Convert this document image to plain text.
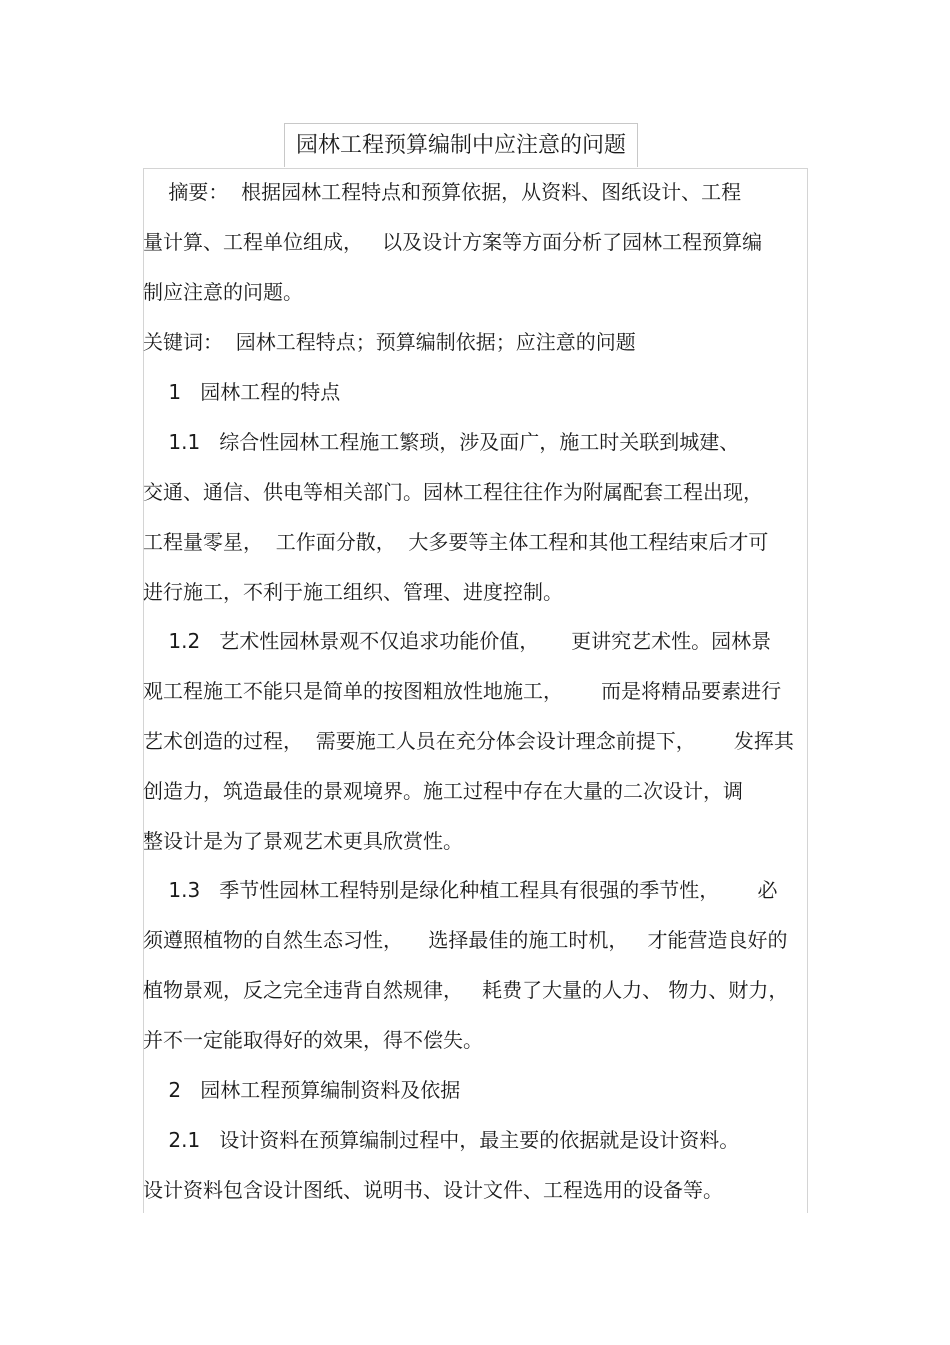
园林工程预算编制中应注意的问题
摘要：  根据园林工程特点和预算依据，从资料、图纸设计、工程
量计算、工程单位组成，   以及设计方案等方面分析了园林工程预算编
制应注意的问题。
关键词：  园林工程特点；预算编制依据；应注意的问题
1   园林工程的特点
1.1   综合性园林工程施工繁琐，涉及面广，施工时关联到城建、
交通、通信、供电等相关部门。园林工程往往作为附属配套工程出现，
工程量零星，  工作面分散，  大多要等主体工程和其他工程结束后才可
进行施工，不利于施工组织、管理、进度控制。
1.2   艺术性园林景观不仅追求功能价值，     更讲究艺术性。园林景
观工程施工不能只是简单的按图粗放性地施工，      而是将精品要素进行
艺术创造的过程，  需要施工人员在充分体会设计理念前提下，      发挥其
创造力，筑造最佳的景观境界。施工过程中存在大量的二次设计，调
整设计是为了景观艺术更具欣赏性。
1.3   季节性园林工程特别是绿化种植工程具有很强的季节性，      必
须遵照植物的自然生态习性，    选择最佳的施工时机，   才能营造良好的
植物景观，反之完全违背自然规律，   耗费了大量的人力、 物力、财力，
并不一定能取得好的效果，得不偿失。
2   园林工程预算编制资料及依据
2.1   设计资料在预算编制过程中，最主要的依据就是设计资料。
设计资料包含设计图纸、说明书、设计文件、工程选用的设备等。
